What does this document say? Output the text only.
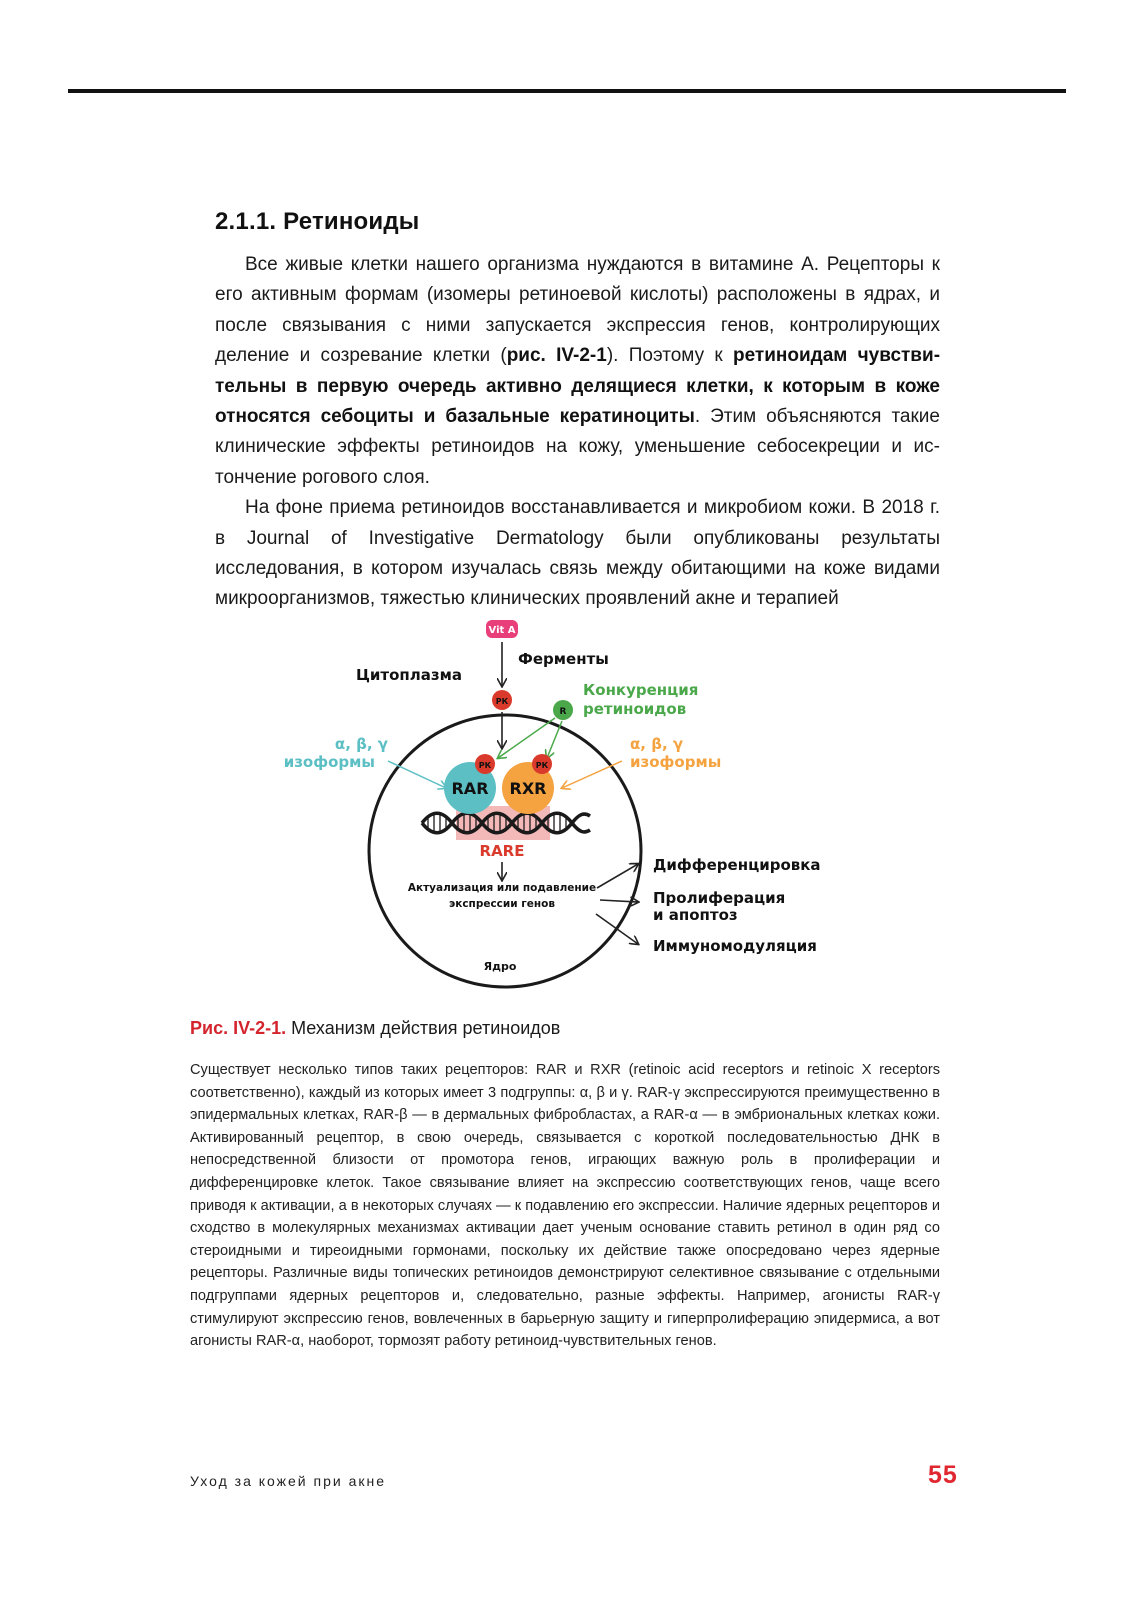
2.1.1. Ретиноиды

Все живые клетки нашего организма нуждаются в витамине А. Рецепторы к его активным формам (изомеры ретиноевой кислоты) расположены в ядрах, и после связывания с ними запускается экспрессия генов, контролирующих деление и созревание клетки (рис. IV-2-1). Поэтому к ретиноидам чувствительны в первую очередь активно делящиеся клетки, к которым в коже относятся себоциты и базальные кератиноциты. Этим объясняются такие клинические эффекты ретиноидов на кожу, уменьшение себосекреции и истончение рогового слоя.

На фоне приема ретиноидов восстанавливается и микробиом кожи. В 2018 г. в Journal of Investigative Dermatology были опубликованы результаты исследования, в котором изучалась связь между обитающими на коже видами микроорганизмов, тяжестью клинических проявлений акне и терапией

Vit A
Ферменты
Цитоплазма
РК
R
Конкуренция
ретиноидов
α, β, γ
изоформы
α, β, γ
изоформы
RAR RXR
РК	РК
RARE
Актуализация или подавление
экспрессии генов
Ядро
Дифференцировка
Пролиферация
и апоптоз
Иммуномодуляция
Рис. IV-2-1. Механизм действия ретиноидов

Существует несколько типов таких рецепторов: RAR и RXR (retinoic acid receptors и retinoic X receptors соответственно), каждый из которых имеет 3 подгруппы: α, β и γ. RAR-γ экспрессируются преимущественно в эпидермальных клетках, RAR-β — в дермальных фибробластах, а RAR-α — в эмбриональных клетках кожи. Активированный рецептор, в свою очередь, связывается с короткой последовательностью ДНК в непосредственной близости от промотора генов, играющих важную роль в пролиферации и дифференцировке клеток. Такое связывание влияет на экспрессию соответствующих генов, чаще всего приводя к активации, а в некоторых случаях — к подавлению его экспрессии. Наличие ядерных рецепторов и сходство в молекулярных механизмах активации дает ученым основание ставить ретинол в один ряд со стероидными и тиреоидными гормонами, поскольку их действие также опосредовано через ядерные рецепторы. Различные виды топических ретиноидов демонстрируют селективное связывание с отдельными подгруппами ядерных рецепторов и, следовательно, разные эффекты. Например, агонисты RAR-γ стимулируют экспрессию генов, вовлеченных в барьерную защиту и гиперпролиферацию эпидермиса, а вот агонисты RAR-α, наоборот, тормозят работу ретиноид-чувствительных генов.

Уход за кожей при акне	55
